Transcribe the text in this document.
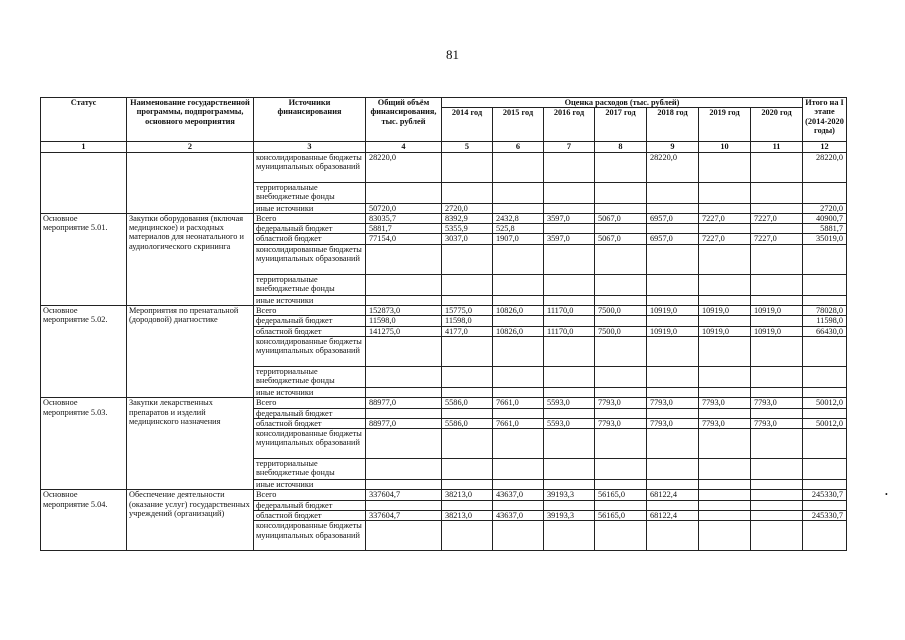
81
Статус	Наименование государственной программы, подпрограммы, основного мероприятия	Источники финансирования	Общий объём финансирования, тыс. рублей	Оценка расходов (тыс. рублей)							Итого на I этапе (2014-2020 годы)
				2014 год	2015 год	2016 год	2017 год	2018 год	2019 год	2020 год	
1	2	3	4	5	6	7	8	9	10	11	12
		консолидированные бюджеты муниципальных образований	28220,0					28220,0			28220,0
		территориальные внебюджетные фонды									
		иные источники	50720,0	2720,0							2720,0
Основное мероприятие 5.01.	Закупки оборудования (включая медицинское) и расходных материалов для неонатального и аудиологического скрининга	Всего	83035,7	8392,9	2432,8	3597,0	5067,0	6957,0	7227,0	7227,0	40900,7
		федеральный бюджет	5881,7	5355,9	525,8						5881,7
		областной бюджет	77154,0	3037,0	1907,0	3597,0	5067,0	6957,0	7227,0	7227,0	35019,0
		консолидированные бюджеты муниципальных образований									
		территориальные внебюджетные фонды									
		иные источники									
Основное мероприятие 5.02.	Мероприятия по пренатальной (дородовой) диагностике	Всего	152873,0	15775,0	10826,0	11170,0	7500,0	10919,0	10919,0	10919,0	78028,0
		федеральный бюджет	11598,0	11598,0							11598,0
		областной бюджет	141275,0	4177,0	10826,0	11170,0	7500,0	10919,0	10919,0	10919,0	66430,0
		консолидированные бюджеты муниципальных образований									
		территориальные внебюджетные фонды									
		иные источники									
Основное мероприятие 5.03.	Закупки лекарственных препаратов и изделий медицинского назначения	Всего	88977,0	5586,0	7661,0	5593,0	7793,0	7793,0	7793,0	7793,0	50012,0
		федеральный бюджет									
		областной бюджет	88977,0	5586,0	7661,0	5593,0	7793,0	7793,0	7793,0	7793,0	50012,0
		консолидированные бюджеты муниципальных образований									
		территориальные внебюджетные фонды									
		иные источники									
Основное мероприятие 5.04.	Обеспечение деятельности (оказание услуг) государственных учреждений (организаций)	Всего	337604,7	38213,0	43637,0	39193,3	56165,0	68122,4			245330,7
		федеральный бюджет									
		областной бюджет	337604,7	38213,0	43637,0	39193,3	56165,0	68122,4			245330,7
		консолидированные бюджеты муниципальных образований									
•
